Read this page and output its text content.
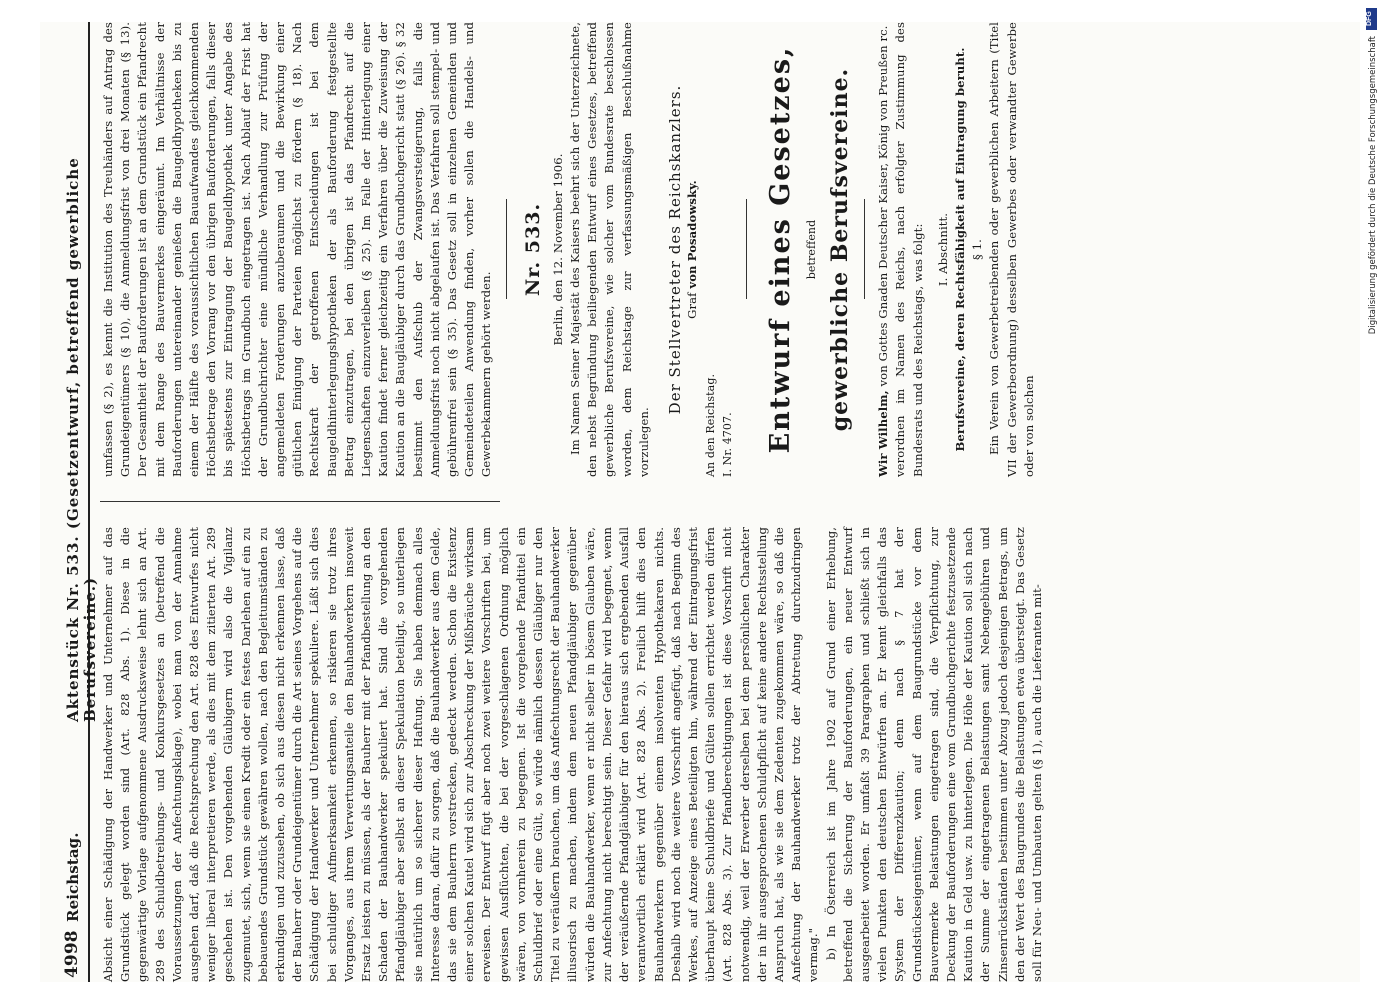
4998
Reichstag.
Aktenstück Nr. 533. (Gesetzentwurf, betreffend gewerbliche Berufsvereine.) Absicht einer Schädigung der Handwerker und Unternehmer auf das Grundstück gelegt worden sind (Art. 828 Abs. 1). Diese in die gegenwärtige Vorlage aufgenommene Ausdrucksweise lehnt sich an Art. 289 des Schuldbetreibungs- und Konkursgesetzes an (betreffend die Voraussetzungen der Anfechtungsklage), wobei man von der Annahme ausgehen darf, daß die Rechtsprechung den Art. 828 des Entwurfes nicht weniger liberal interpretieren werde, als dies mit dem zitierten Art. 289 geschehen ist. Den vorgehenden Gläubigern wird also die Vigilanz zugemutet, sich, wenn sie einen Kredit oder ein festes Darlehen auf ein zu bebauendes Grundstück gewähren wollen, nach den Begleitumständen zu erkundigen und zuzusehen, ob sich aus diesen nicht erkennen lasse, daß der Bauherr oder Grundeigentümer durch die Art seines Vorgehens auf die Schädigung der Handwerker und Unternehmer spekuliere. Läßt sich dies bei schuldiger Aufmerksamkeit erkennen, so riskieren sie trotz ihres Vorganges, aus ihrem Verwertungsanteile den Bauhandwerkern insoweit Ersatz leisten zu müssen, als der Bauherr mit der Pfandbestellung an den Schaden der Bauhandwerker spekuliert hat. Sind die vorgehenden Pfandgläubiger aber selbst an dieser Spekulation beteiligt, so unterliegen sie natürlich um so sicherer dieser Haftung. Sie haben demnach alles Interesse daran, dafür zu sorgen, daß die Bauhandwerker aus dem Gelde, das sie dem Bauherrn vorstrecken, gedeckt werden. Schon die Existenz einer solchen Kautel wird sich zur Abschreckung der Mißbräuche wirksam erweisen. Der Entwurf fügt aber noch zwei weitere Vorschriften bei, um gewissen Ausflüchten, die bei der vorgeschlagenen Ordnung möglich wären, von vornherein zu begegnen. Ist die vorgehende Pfandtitel ein Schuldbrief oder eine Gült, so würde nämlich dessen Gläubiger nur den Titel zu veräußern brauchen, um das Anfechtungsrecht der Bauhandwerker illusorisch zu machen, indem dem neuen Pfandgläubiger gegenüber würden die Bauhandwerker, wenn er nicht selber in bösem Glauben wäre, zur Anfechtung nicht berechtigt sein. Dieser Gefahr wird begegnet, wenn der veräußernde Pfandgläubiger für den hieraus sich ergebenden Ausfall verantwortlich erklärt wird (Art. 828 Abs. 2). Freilich hilft dies den Bauhandwerkern gegenüber einem insolventen Hypothekaren nichts. Deshalb wird noch die weitere Vorschrift angefügt, daß nach Beginn des Werkes, auf Anzeige eines Beteiligten hin, während der Eintragungsfrist überhaupt keine Schuldbriefe und Gülten sollen errichtet werden dürfen (Art. 828 Abs. 3). Zur Pfandberechtigungen ist diese Vorschrift nicht notwendig, weil der Erwerber derselben bei dem persönlichen Charakter der in ihr ausgesprochenen Schuldpflicht auf keine andere Rechtsstellung Anspruch hat, als wie sie dem Zedenten zugekommen wäre, so daß die Anfechtung der Bauhandwerker trotz der Abtretung durchzudringen vermag." b) In Österreich ist im Jahre 1902 auf Grund einer Erhebung, betreffend die Sicherung der Bauforderungen, ein neuer Entwurf ausgearbeitet worden. Er umfaßt 39 Paragraphen und schließt sich in vielen Punkten den deutschen Entwürfen an. Er kennt gleichfalls das System der Differenzkaution; denn nach § 7 hat der Grundstückseigentümer, wenn auf dem Baugrundstücke vor dem Bauvermerke Belastungen eingetragen sind, die Verpflichtung, zur Deckung der Bauforderungen eine vom Grundbuchgerichte festzusetzende Kaution in Geld usw. zu hinterlegen. Die Höhe der Kaution soll sich nach der Summe der eingetragenen Belastungen samt Nebengebühren und Zinsenrückständen bestimmen unter Abzug jedoch desjenigen Betrags, um den der Wert des Baugrundes die Belastungen etwa übersteigt. Das Gesetz soll für Neu- und Umbauten gelten (§ 1), auch die Lieferanten mit-

umfassen (§ 2), es kennt die Institution des Treuhänders auf Antrag des Grundeigentümers (§ 10), die Anmeldungsfrist von drei Monaten (§ 13). Der Gesamtheit der Bauforderungen ist an dem Grundstück ein Pfandrecht mit dem Range des Bauvermerkes eingeräumt. Im Verhältnisse der Bauforderungen untereinander genießen die Baugeldhypotheken bis zu einem der Hälfte des voraussichtlichen Bauaufwandes gleichkommenden Höchstbetrage den Vorrang vor den übrigen Bauforderungen, falls dieser bis spätestens zur Eintragung der Baugeldhypothek unter Angabe des Höchstbetrags im Grundbuch eingetragen ist. Nach Ablauf der Frist hat der Grundbuchrichter eine mündliche Verhandlung zur Prüfung der angemeldeten Forderungen anzuberaumen und die Bewirkung einer gütlichen Einigung der Parteien möglichst zu fördern (§ 18). Nach Rechtskraft der getroffenen Entscheidungen ist bei dem Baugeldhinterlegungshypotheken der als Bauforderung festgestellte Betrag einzutragen, bei den übrigen ist das Pfandrecht auf die Liegenschaften einzuverleiben (§ 25). Im Falle der Hinterlegung einer Kaution findet ferner gleichzeitig ein Verfahren über die Zuweisung der Kaution an die Baugläubiger durch das Grundbuchgericht statt (§ 26). § 32 bestimmt den Aufschub der Zwangsversteigerung, falls die Anmeldungsfrist noch nicht abgelaufen ist. Das Verfahren soll stempel- und gebührenfrei sein (§ 35). Das Gesetz soll in einzelnen Gemeinden und Gemeindeteilen Anwendung finden, vorher sollen die Handels- und Gewerbekammern gehört werden.

Nr. 533. Berlin, den 12. November 1906. Im Namen Seiner Majestät des Kaisers beehrt sich der Unterzeichnete, den nebst Begründung beiliegenden Entwurf eines Gesetzes, betreffend gewerbliche Berufsvereine, wie solcher vom Bundesrate beschlossen worden, dem Reichstage zur verfassungsmäßigen Beschlußnahme vorzulegen.

Der Stellvertreter des Reichskanzlers. Graf von Posadowsky.
An den Reichstag. I. Nr. 4707. Entwurf eines Gesetzes, betreffend gewerbliche Berufsvereine.

Wir Wilhelm, von Gottes Gnaden Deutscher Kaiser, König von Preußen rc. verordnen im Namen des Reichs, nach erfolgter Zustimmung des Bundesrats und des Reichstags, was folgt: I. Abschnitt. Berufsvereine, deren Rechtsfähigkeit auf Eintragung beruht. § 1. Ein Verein von Gewerbetreibenden oder gewerblichen Arbeitern (Titel VII der Gewerbeordnung) desselben Gewerbes oder verwandter Gewerbe oder von solchen

DFG
Digitalisierung gefördert durch die Deutsche Forschungsgemeinschaft
